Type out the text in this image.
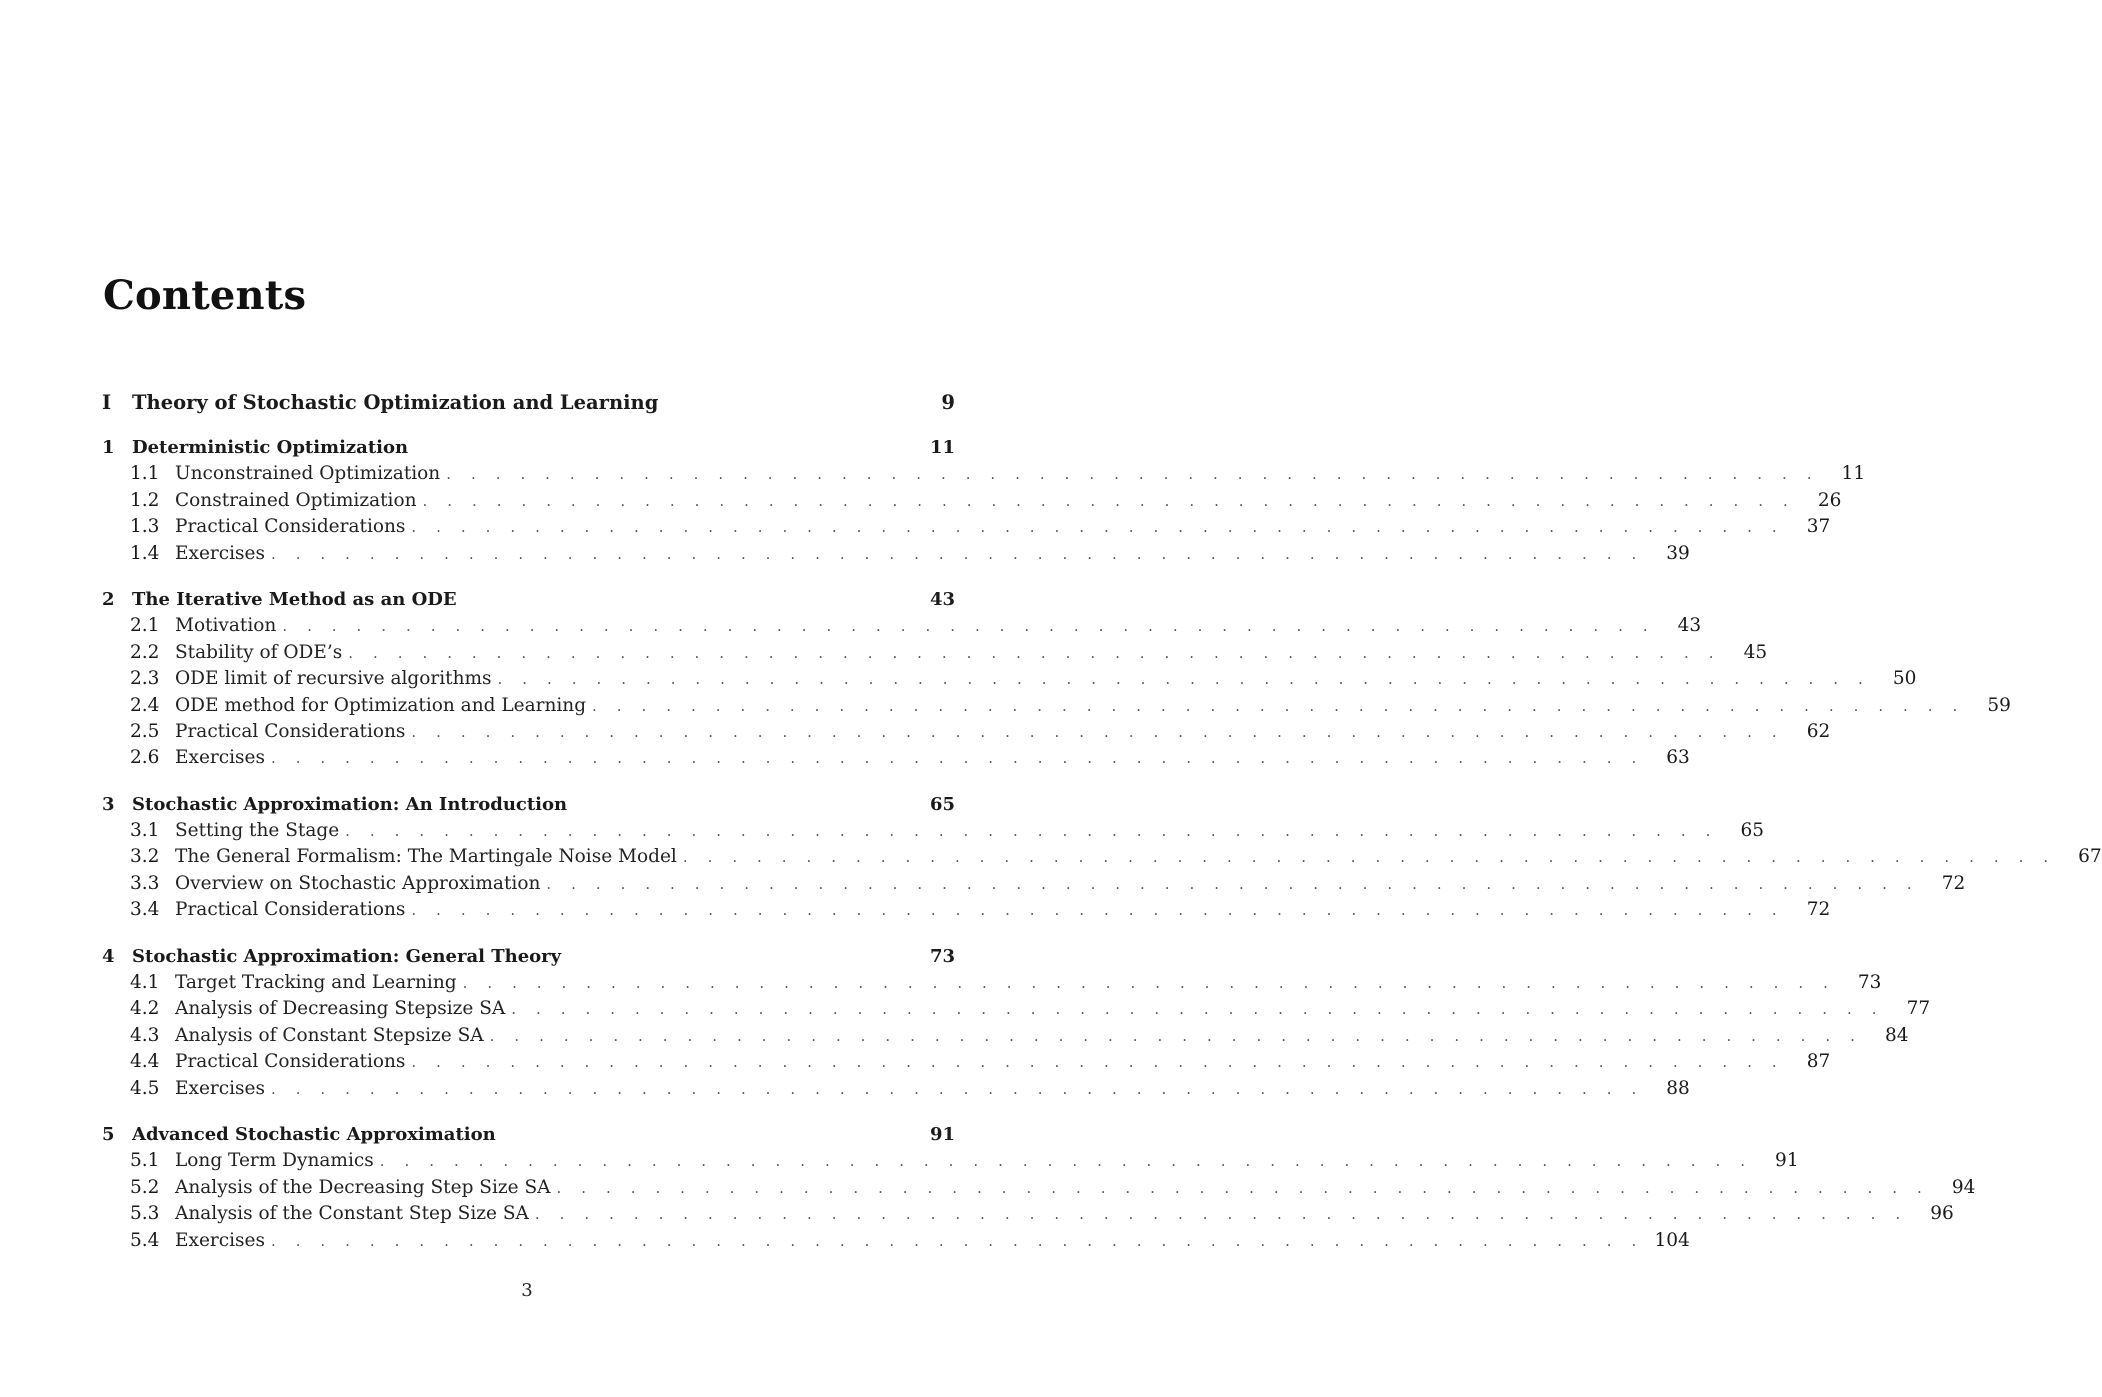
Contents
I	Theory of Stochastic Optimization and Learning	9
1 Deterministic Optimization	11
1.1 Unconstrained Optimization . . . . . . . . . . . . . . . . . . . . . . . . . . . . . . . . . . . . . . . . . . . . . . . . . . . . . . . .	11
1.2 Constrained Optimization . . . . . . . . . . . . . . . . . . . . . . . . . . . . . . . . . . . . . . . . . . . . . . . . . . . . . . . .	26
1.3 Practical Considerations . . . . . . . . . . . . . . . . . . . . . . . . . . . . . . . . . . . . . . . . . . . . . . . . . . . . . . . .	37
1.4 Exercises . . . . . . . . . . . . . . . . . . . . . . . . . . . . . . . . . . . . . . . . . . . . . . . . . . . . . . . .	39
2 The Iterative Method as an ODE	43
2.1 Motivation . . . . . . . . . . . . . . . . . . . . . . . . . . . . . . . . . . . . . . . . . . . . . . . . . . . . . . . .	43
2.2 Stability of ODE’s . . . . . . . . . . . . . . . . . . . . . . . . . . . . . . . . . . . . . . . . . . . . . . . . . . . . . . . .	45
2.3 ODE limit of recursive algorithms . . . . . . . . . . . . . . . . . . . . . . . . . . . . . . . . . . . . . . . . . . . . . . . . . . . . . . . .	50
2.4 ODE method for Optimization and Learning . . . . . . . . . . . . . . . . . . . . . . . . . . . . . . . . . . . . . . . . . . . . . . . . . . . . . . . .	59
2.5 Practical Considerations . . . . . . . . . . . . . . . . . . . . . . . . . . . . . . . . . . . . . . . . . . . . . . . . . . . . . . . .	62
2.6 Exercises . . . . . . . . . . . . . . . . . . . . . . . . . . . . . . . . . . . . . . . . . . . . . . . . . . . . . . . .	63
3 Stochastic Approximation: An Introduction	65
3.1 Setting the Stage . . . . . . . . . . . . . . . . . . . . . . . . . . . . . . . . . . . . . . . . . . . . . . . . . . . . . . . .	65
3.2 The General Formalism: The Martingale Noise Model . . . . . . . . . . . . . . . . . . . . . . . . . . . . . . . . . . . . . . . . . . . . . . . . . . . . . . . .	67
3.3 Overview on Stochastic Approximation . . . . . . . . . . . . . . . . . . . . . . . . . . . . . . . . . . . . . . . . . . . . . . . . . . . . . . . .	72
3.4 Practical Considerations . . . . . . . . . . . . . . . . . . . . . . . . . . . . . . . . . . . . . . . . . . . . . . . . . . . . . . . .	72
4 Stochastic Approximation: General Theory	73
4.1 Target Tracking and Learning . . . . . . . . . . . . . . . . . . . . . . . . . . . . . . . . . . . . . . . . . . . . . . . . . . . . . . . .	73
4.2 Analysis of Decreasing Stepsize SA . . . . . . . . . . . . . . . . . . . . . . . . . . . . . . . . . . . . . . . . . . . . . . . . . . . . . . . .	77
4.3 Analysis of Constant Stepsize SA . . . . . . . . . . . . . . . . . . . . . . . . . . . . . . . . . . . . . . . . . . . . . . . . . . . . . . . .	84
4.4 Practical Considerations . . . . . . . . . . . . . . . . . . . . . . . . . . . . . . . . . . . . . . . . . . . . . . . . . . . . . . . .	87
4.5 Exercises . . . . . . . . . . . . . . . . . . . . . . . . . . . . . . . . . . . . . . . . . . . . . . . . . . . . . . . .	88
5 Advanced Stochastic Approximation	91
5.1 Long Term Dynamics . . . . . . . . . . . . . . . . . . . . . . . . . . . . . . . . . . . . . . . . . . . . . . . . . . . . . . . .	91
5.2 Analysis of the Decreasing Step Size SA . . . . . . . . . . . . . . . . . . . . . . . . . . . . . . . . . . . . . . . . . . . . . . . . . . . . . . . .	94
5.3 Analysis of the Constant Step Size SA . . . . . . . . . . . . . . . . . . . . . . . . . . . . . . . . . . . . . . . . . . . . . . . . . . . . . . . .	96
5.4 Exercises . . . . . . . . . . . . . . . . . . . . . . . . . . . . . . . . . . . . . . . . . . . . . . . . . . . . . . . . 104
3
